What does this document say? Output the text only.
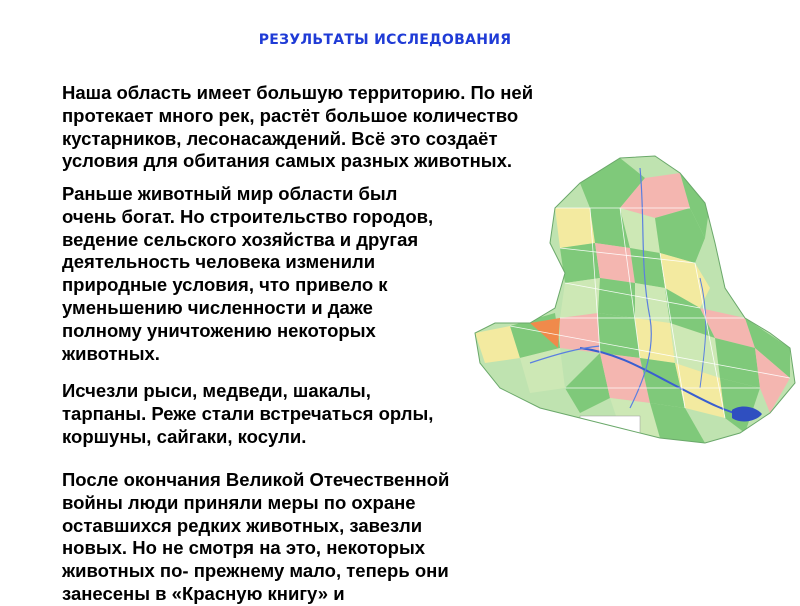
РЕЗУЛЬТАТЫ ИССЛЕДОВАНИЯ

Наша область имеет большую территорию. По ней
протекает много рек, растёт большое количество
кустарников, лесонасаждений. Всё это создаёт
условия для обитания самых разных животных.

Раньше животный мир области был
очень богат. Но строительство городов,
ведение сельского хозяйства и другая
деятельность человека изменили
природные условия, что привело к
уменьшению численности и даже
полному уничтожению некоторых
животных.

Исчезли рыси, медведи, шакалы,
тарпаны. Реже стали встречаться орлы,
коршуны, сайгаки, косули.

После окончания Великой Отечественной
войны люди приняли меры по охране
оставшихся редких животных, завезли
новых. Но не смотря на это, некоторых
животных по- прежнему мало, теперь они
занесены в «Красную книгу» и
